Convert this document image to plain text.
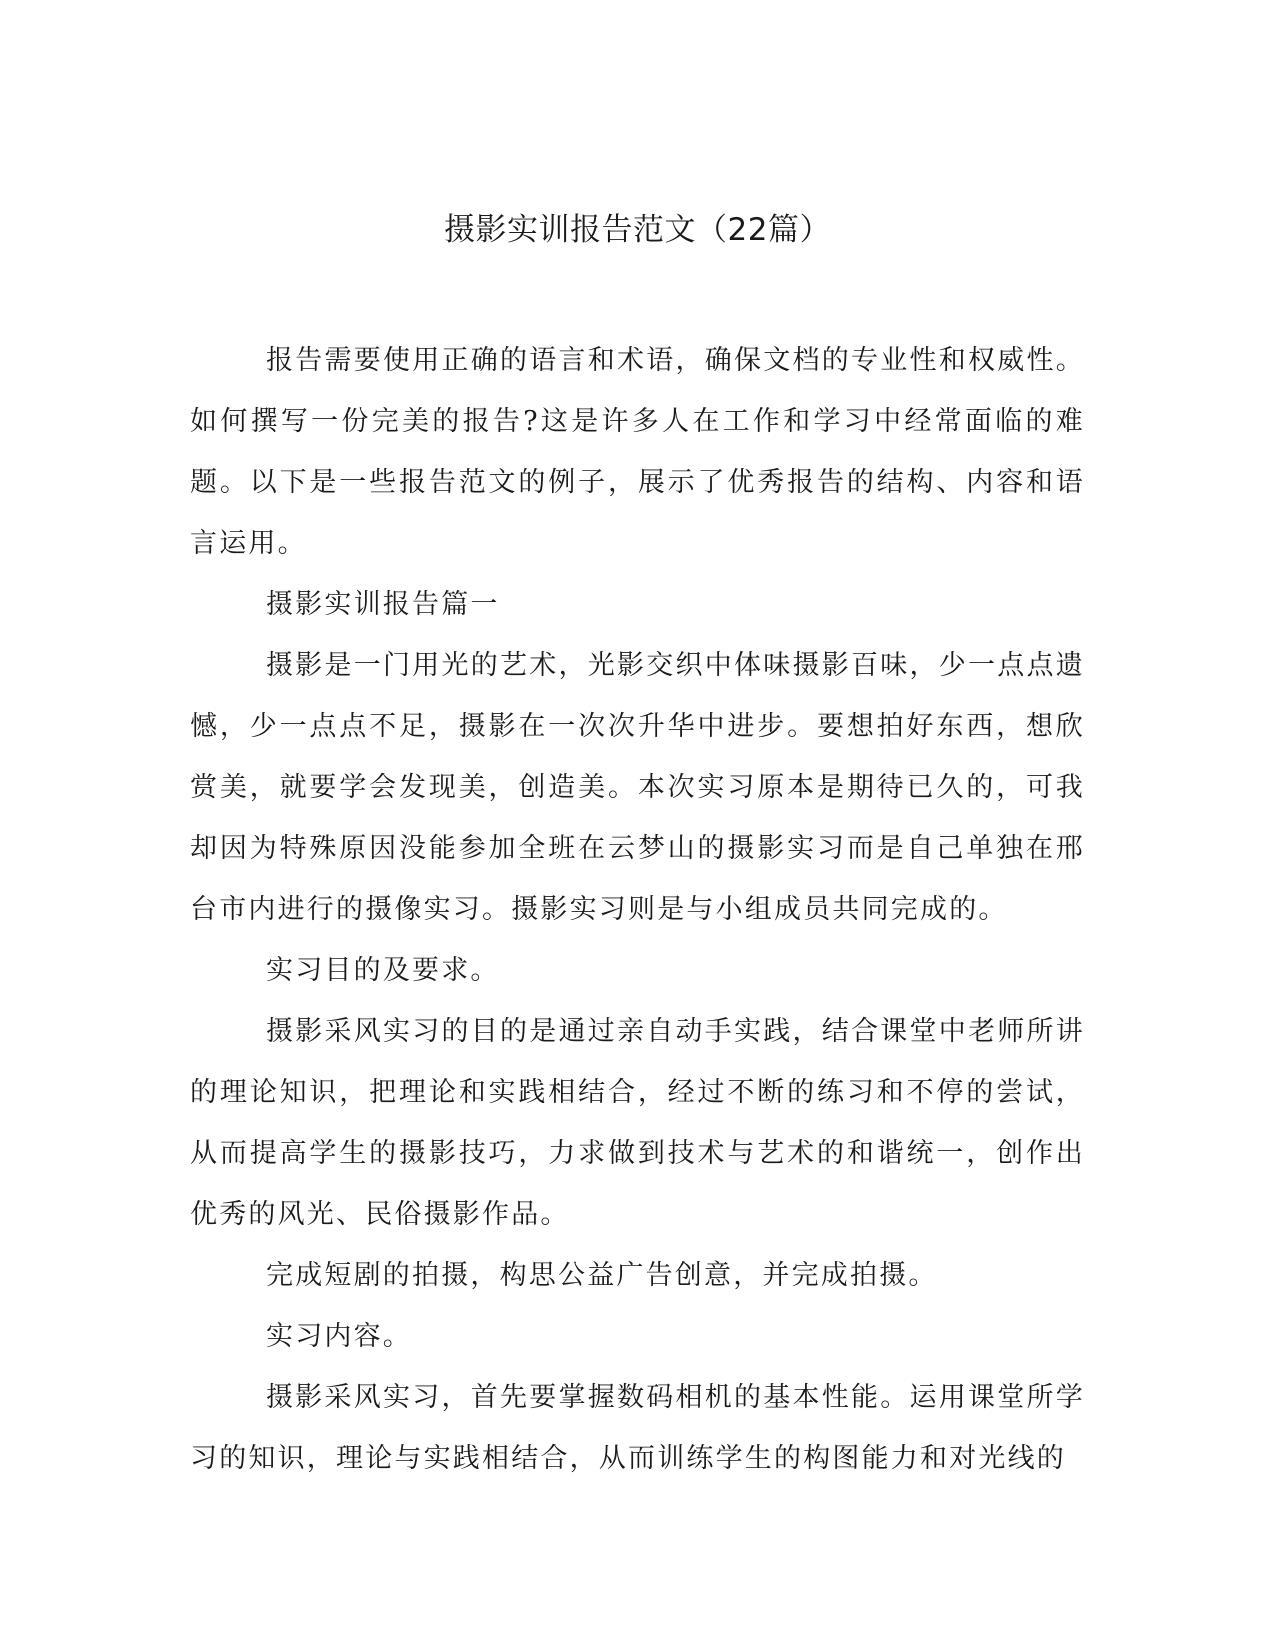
摄影实训报告范文（22篇）

报告需要使用正确的语言和术语，确保文档的专业性和权威性。如何撰写一份完美的报告?这是许多人在工作和学习中经常面临的难题。以下是一些报告范文的例子，展示了优秀报告的结构、内容和语言运用。

摄影实训报告篇一

摄影是一门用光的艺术，光影交织中体味摄影百味，少一点点遗憾，少一点点不足，摄影在一次次升华中进步。要想拍好东西，想欣赏美，就要学会发现美，创造美。本次实习原本是期待已久的，可我却因为特殊原因没能参加全班在云梦山的摄影实习而是自己单独在邢台市内进行的摄像实习。摄影实习则是与小组成员共同完成的。

实习目的及要求。

摄影采风实习的目的是通过亲自动手实践，结合课堂中老师所讲的理论知识，把理论和实践相结合，经过不断的练习和不停的尝试，从而提高学生的摄影技巧，力求做到技术与艺术的和谐统一，创作出优秀的风光、民俗摄影作品。

完成短剧的拍摄，构思公益广告创意，并完成拍摄。

实习内容。

摄影采风实习，首先要掌握数码相机的基本性能。运用课堂所学习的知识，理论与实践相结合，从而训练学生的构图能力和对光线的
